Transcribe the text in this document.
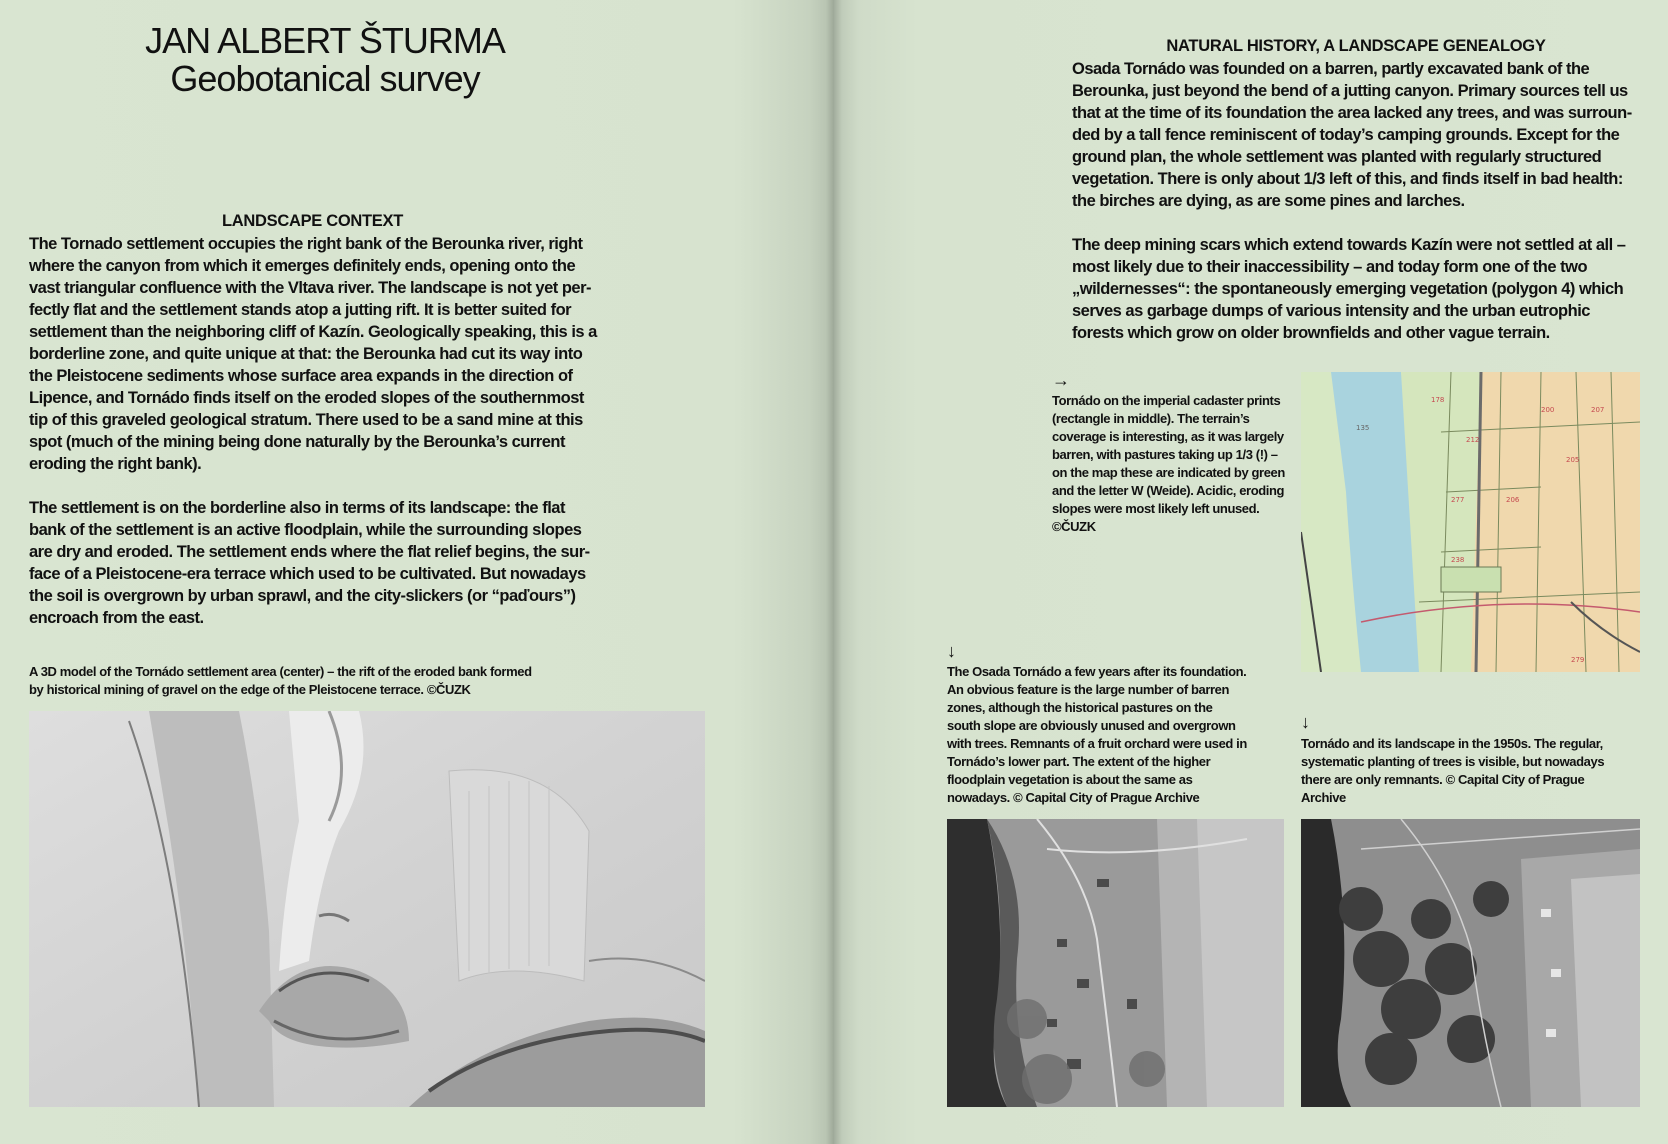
JAN ALBERT ŠTURMA
Geobotanical survey
LANDSCAPE CONTEXT

The Tornado settlement occupies the right bank of the Berounka river, right where the canyon from which it emerges definitely ends, opening onto the vast triangular confluence with the Vltava river. The landscape is not yet per-fectly flat and the settlement stands atop a jutting rift. It is better suited for settlement than the neighboring cliff of Kazín. Geologically speaking, this is a borderline zone, and quite unique at that: the Berounka had cut its way into the Pleistocene sediments whose surface area expands in the direction of Lipence, and Tornádo finds itself on the eroded slopes of the southernmost tip of this graveled geological stratum. There used to be a sand mine at this spot (much of the mining being done naturally by the Berounka’s current eroding the right bank).

The settlement is on the borderline also in terms of its landscape: the flat bank of the settlement is an active floodplain, while the surrounding slopes are dry and eroded. The settlement ends where the flat relief begins, the sur-face of a Pleistocene-era terrace which used to be cultivated. But nowadays the soil is overgrown by urban sprawl, and the city-slickers (or “paďours”) encroach from the east.

A 3D model of the Tornádo settlement area (center) – the rift of the eroded bank formed
by historical mining of gravel on the edge of the Pleistocene terrace. ©ČUZK
NATURAL HISTORY, A LANDSCAPE GENEALOGY

Osada Tornádo was founded on a barren, partly excavated bank of the Berounka, just beyond the bend of a jutting canyon. Primary sources tell us that at the time of its foundation the area lacked any trees, and was surroun-ded by a tall fence reminiscent of today’s camping grounds. Except for the ground plan, the whole settlement was planted with regularly structured vegetation. There is only about 1/3 left of this, and finds itself in bad health: the birches are dying, as are some pines and larches.

The deep mining scars which extend towards Kazín were not settled at all – most likely due to their inaccessibility – and today form one of the two „wildernesses“: the spontaneously emerging vegetation (polygon 4) which serves as garbage dumps of various intensity and the urban eutrophic forests which grow on older brownfields and other vague terrain.

→
Tornádo on the imperial cadaster prints (rectangle in middle). The terrain’s coverage is interesting, as it was largely barren, with pastures taking up 1/3 (!) – on the map these are indicated by green and the letter W (Weide). Acidic, eroding slopes were most likely left unused. ©ČUZK
200	207
205
206
277
238
178
212
279
135
↓
The Osada Tornádo a few years after its foundation. An obvious feature is the large number of barren zones, although the historical pastures on the south slope are obviously unused and overgrown with trees. Remnants of a fruit orchard were used in Tornádo’s lower part. The extent of the higher floodplain vegetation is about the same as nowadays. © Capital City of Prague Archive
↓
Tornádo and its landscape in the 1950s. The regular, systematic planting of trees is visible, but nowadays there are only remnants. © Capital City of Prague Archive
